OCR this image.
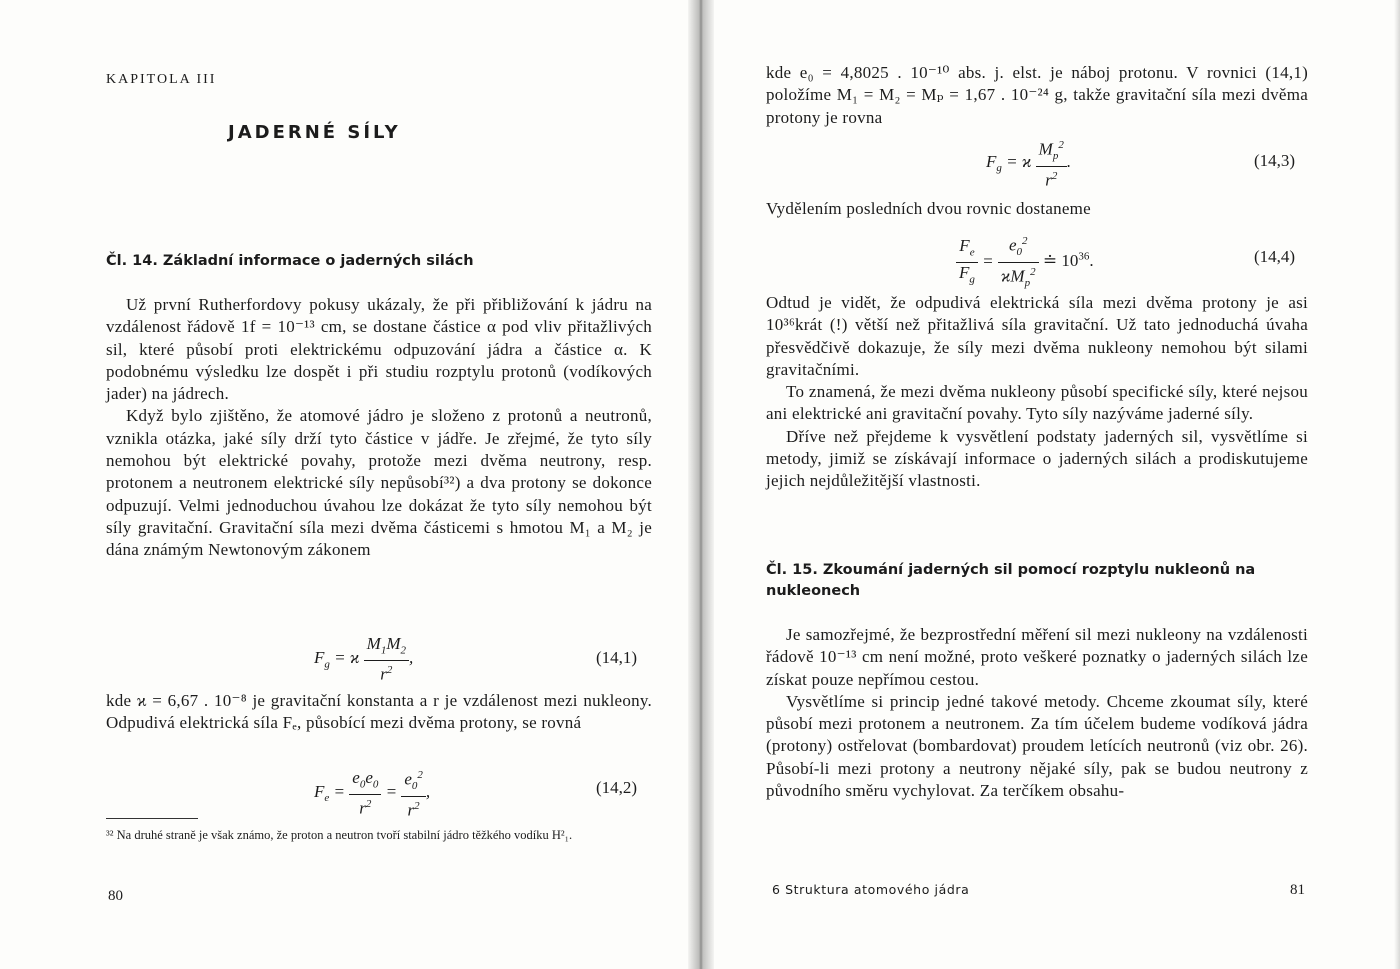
KAPITOLA III
JADERNÉ SÍLY
Čl. 14. Základní informace o jaderných silách

Už první Rutherfordovy pokusy ukázaly, že při přibližování k jádru na vzdálenost řádově 1f = 10⁻¹³ cm, se dostane částice α pod vliv přitažlivých sil, které působí proti elektrickému odpuzování jádra a částice α. K podobnému výsledku lze dospět i při studiu rozptylu protonů (vodíkových jader) na jádrech.

Když bylo zjištěno, že atomové jádro je složeno z protonů a neutronů, vznikla otázka, jaké síly drží tyto částice v jádře. Je zřejmé, že tyto síly nemohou být elektrické povahy, protože mezi dvěma neutrony, resp. protonem a neutronem elektrické síly nepůsobí³²) a dva protony se dokonce odpuzují. Velmi jednoduchou úvahou lze dokázat že tyto síly nemohou být síly gravitační. Gravitační síla mezi dvěma částicemi s hmotou M₁ a M₂ je dána známým Newtonovým zákonem

$F_g = ϰ \frac{M_1M_2}{r^2}$ ,	(14,1)

kde ϰ = 6,67 . 10⁻⁸ je gravitační konstanta a r je vzdálenost mezi nukleony. Odpudivá elektrická síla Fₑ, působící mezi dvěma protony, se rovná

$F_e = \frac{e_0e_0}{r^2} = \frac{e_0^2}{r^2}$ ,	(14,2)
³² Na druhé straně je však známo, že proton a neutron tvoří stabilní jádro těžkého vodíku H²₁.
80

kde e₀ = 4,8025 . 10⁻¹⁰ abs. j. elst. je náboj protonu. V rovnici (14,1) položíme M₁ = M₂ = Mₚ = 1,67 . 10⁻²⁴ g, takže gravitační síla mezi dvěma protony je rovna

$F_g = ϰ \frac{M_p^2}{r^2}$ .	(14,3)

Vydělením posledních dvou rovnic dostaneme

$\frac{F_e}{F_g} = \frac{e_0^2}{ϰM_p^2}$ ≐ $10^{36}$.	(14,4)

Odtud je vidět, že odpudivá elektrická síla mezi dvěma protony je asi 10³⁶krát (!) větší než přitažlivá síla gravitační. Už tato jednoduchá úvaha přesvědčivě dokazuje, že síly mezi dvěma nukleony nemohou být silami gravitačními.

To znamená, že mezi dvěma nukleony působí specifické síly, které nejsou ani elektrické ani gravitační povahy. Tyto síly nazýváme jaderné síly.

Dříve než přejdeme k vysvětlení podstaty jaderných sil, vysvětlíme si metody, jimiž se získávají informace o jaderných silách a prodiskutujeme jejich nejdůležitější vlastnosti.

Čl. 15. Zkoumání jaderných sil pomocí rozptylu nukleonů na nukleonech

Je samozřejmé, že bezprostřední měření sil mezi nukleony na vzdálenosti řádově 10⁻¹³ cm není možné, proto veškeré poznatky o jaderných silách lze získat pouze nepřímou cestou.

Vysvětlíme si princip jedné takové metody. Chceme zkoumat síly, které působí mezi protonem a neutronem. Za tím účelem budeme vodíková jádra (protony) ostřelovat (bombardovat) proudem letících neutronů (viz obr. 26). Působí-li mezi protony a neutrony nějaké síly, pak se budou neutrony z původního směru vychylovat. Za terčíkem obsahu-

6 Struktura atomového jádra	81
